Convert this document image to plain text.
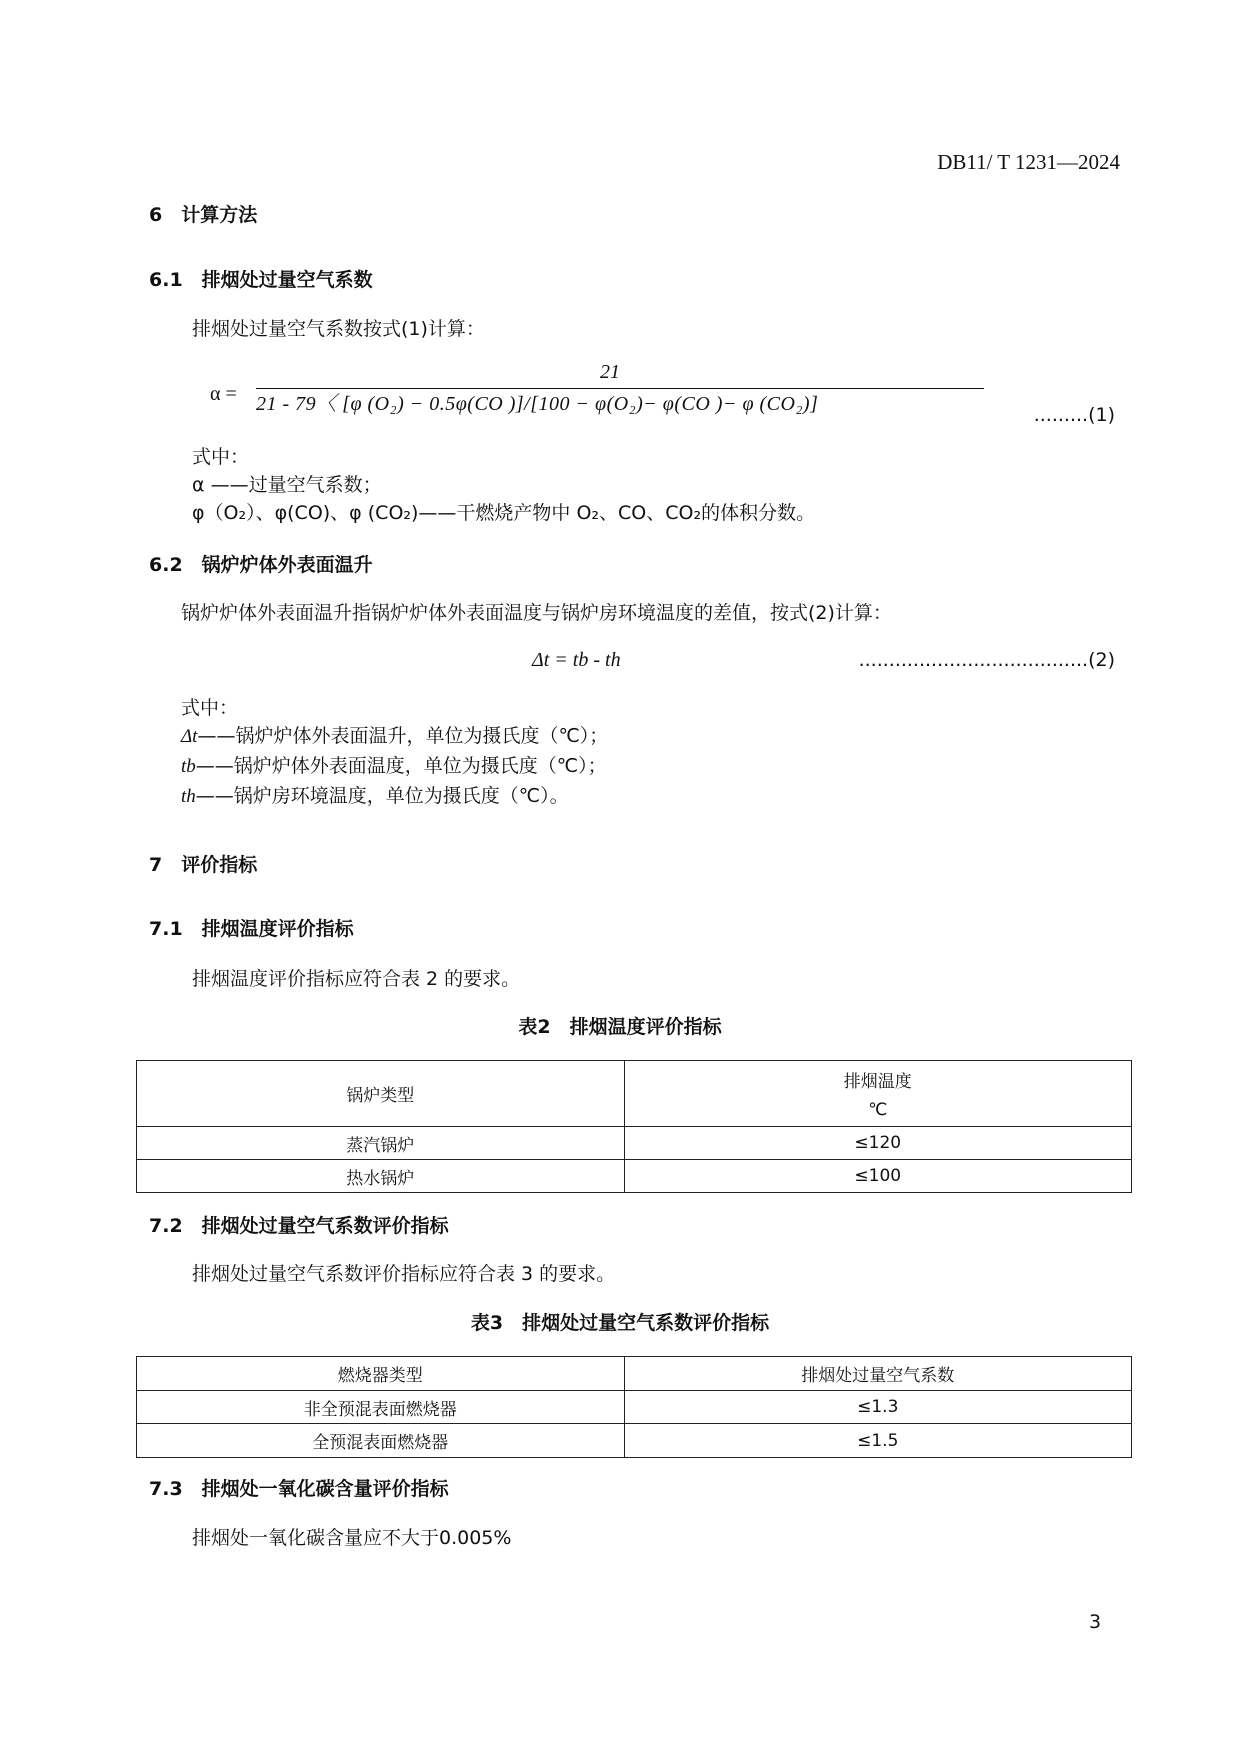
DB11/ T 1231—2024
6　计算方法
6.1　排烟处过量空气系数
排烟处过量空气系数按式(1)计算：
α =
21
21 - 79〈 [φ (O₂) − 0.5φ(CO )]/[100 − φ(O₂)− φ(CO )− φ (CO₂)]	.........(1)
式中：
α ——过量空气系数；
φ（O₂）、φ(CO)、φ (CO₂)——干燃烧产物中 O₂、CO、CO₂的体积分数。
6.2　锅炉炉体外表面温升
锅炉炉体外表面温升指锅炉炉体外表面温度与锅炉房环境温度的差值，按式(2)计算：
Δt = tb - th	......................................(2)
式中：
Δt——锅炉炉体外表面温升，单位为摄氏度（℃）；
tb——锅炉炉体外表面温度，单位为摄氏度（℃）；
th——锅炉房环境温度，单位为摄氏度（℃）。
7　评价指标
7.1　排烟温度评价指标
排烟温度评价指标应符合表 2 的要求。
表2　排烟温度评价指标
锅炉类型	排烟温度
℃

蒸汽锅炉	≤120
热水锅炉	≤100
7.2　排烟处过量空气系数评价指标
排烟处过量空气系数评价指标应符合表 3 的要求。
表3　排烟处过量空气系数评价指标
燃烧器类型	排烟处过量空气系数
非全预混表面燃烧器	≤1.3
全预混表面燃烧器	≤1.5
7.3　排烟处一氧化碳含量评价指标
排烟处一氧化碳含量应不大于0.005%
3
